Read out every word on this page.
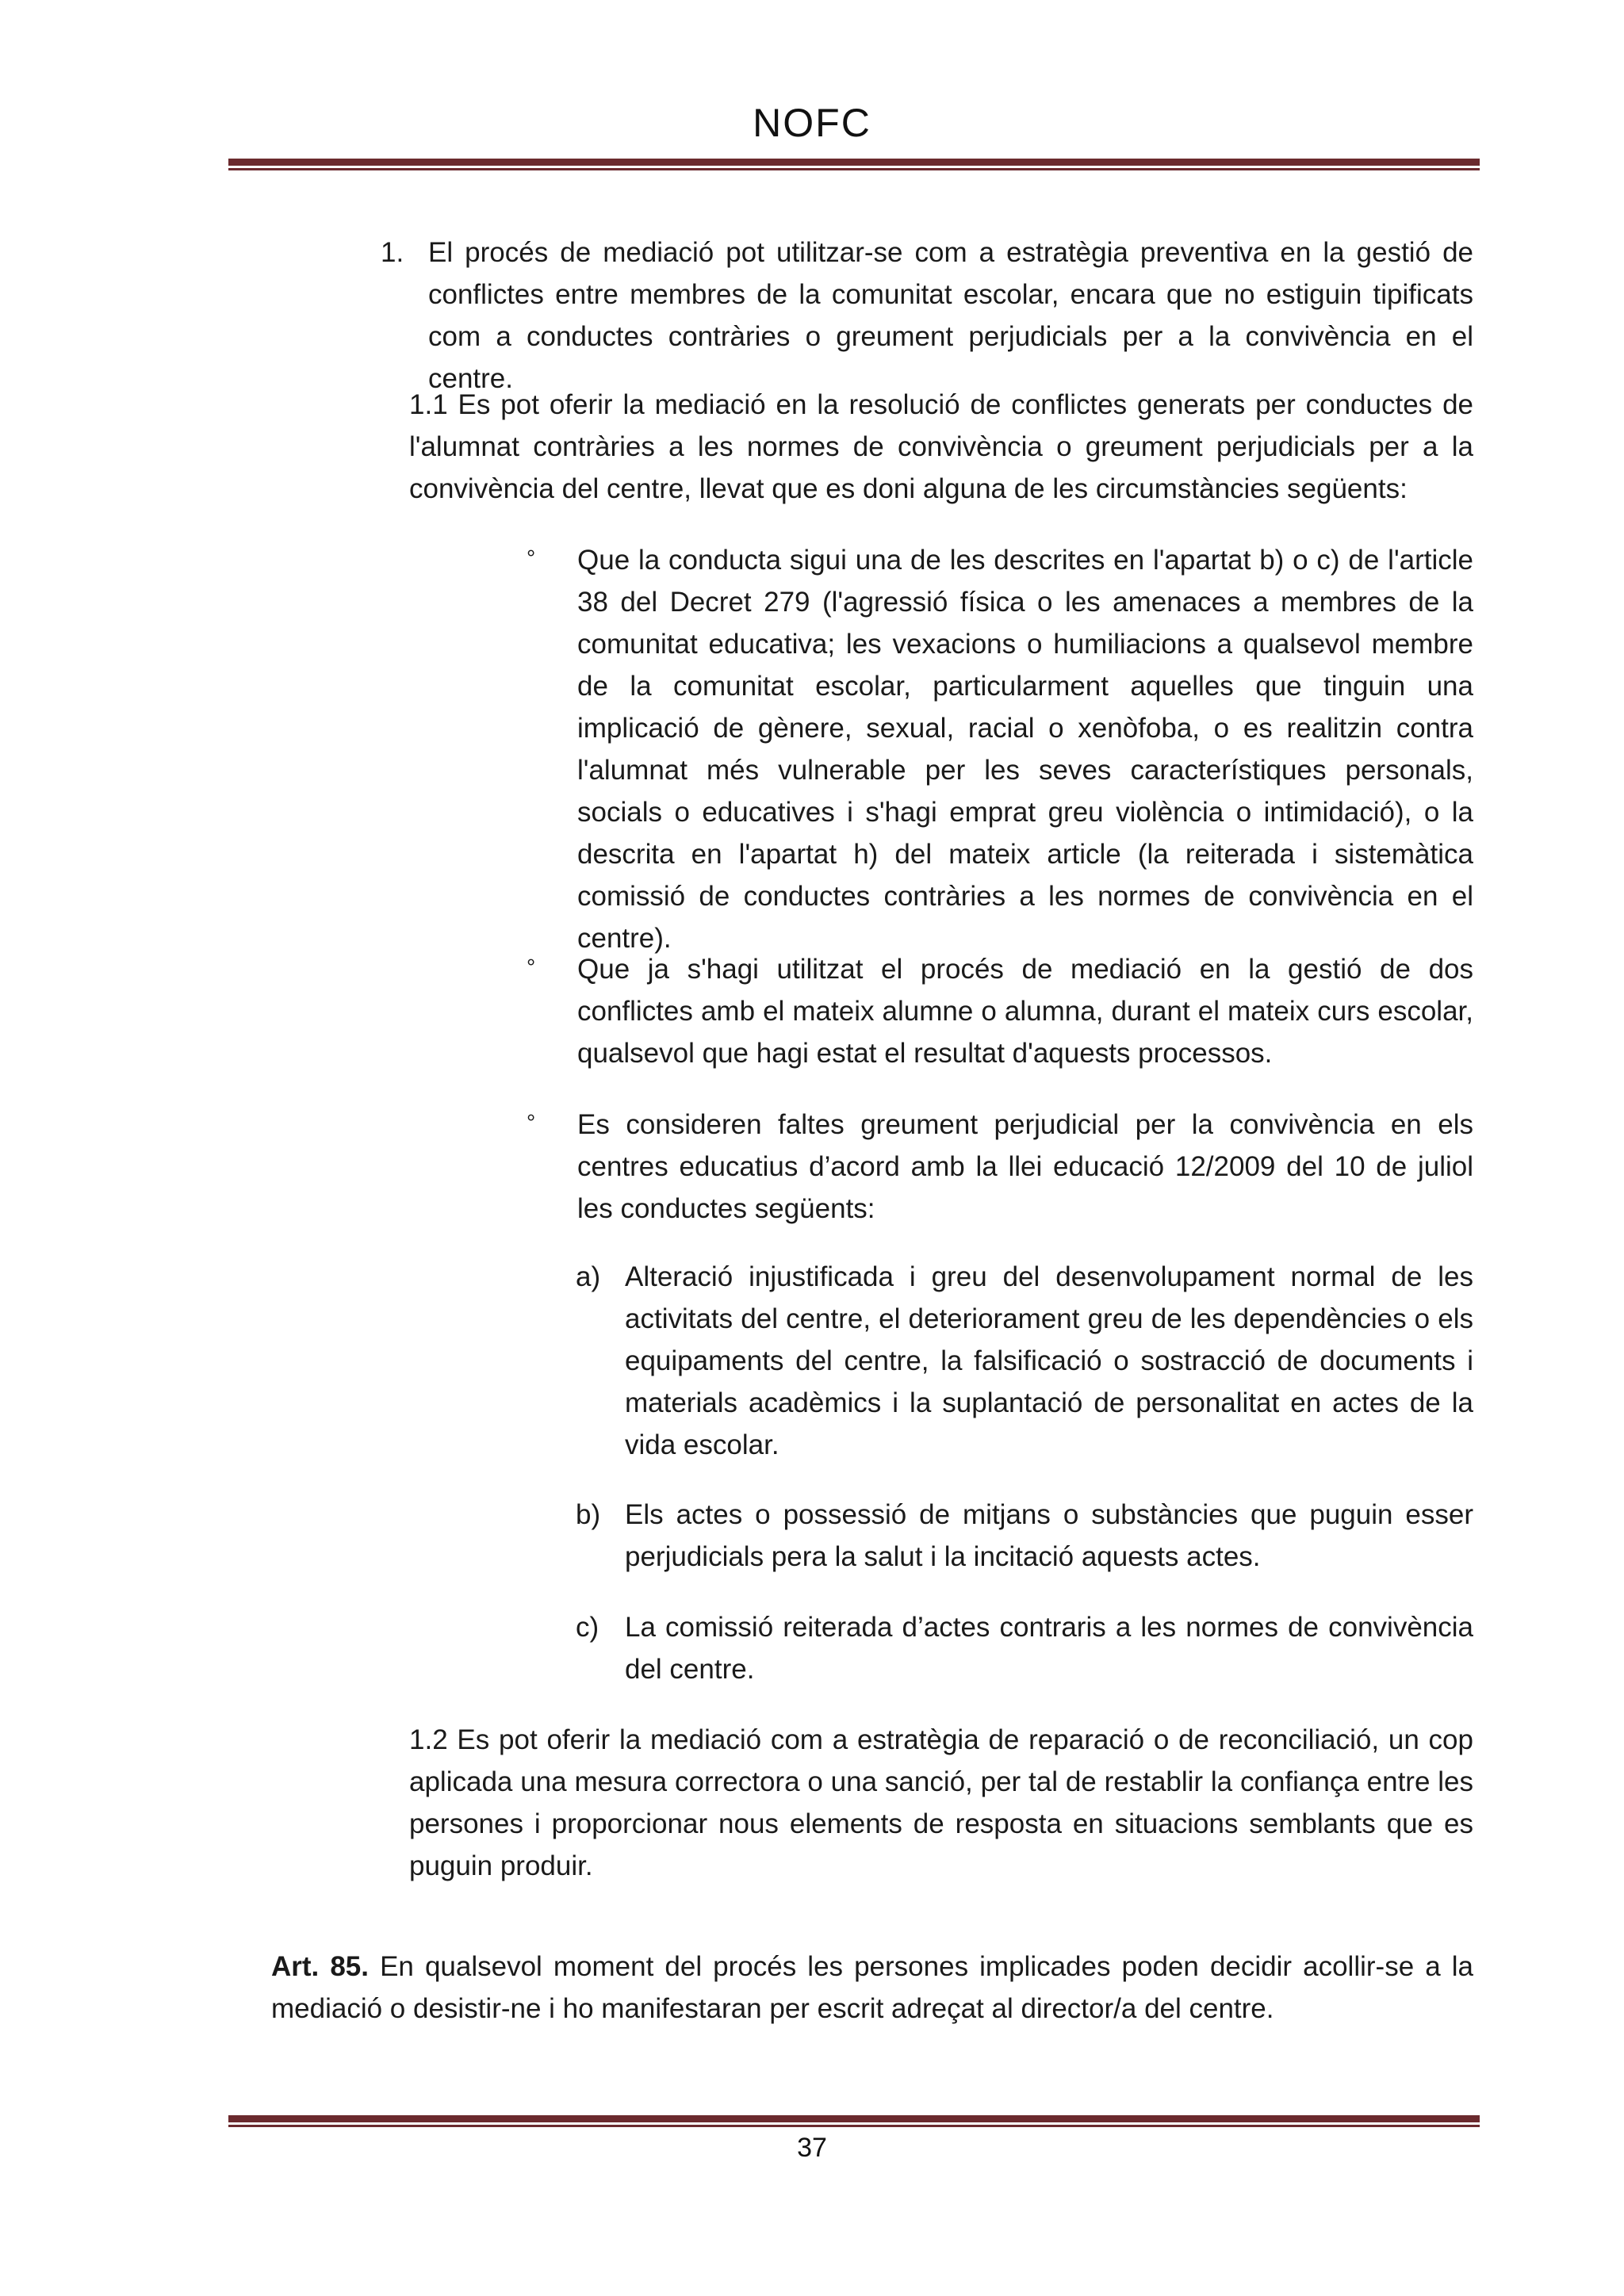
NOFC
1. El procés de mediació pot utilitzar-se com a estratègia preventiva en la gestió de conflictes entre membres de la comunitat escolar, encara que no estiguin tipificats com a conductes contràries o greument perjudicials per a la convivència en el centre.
1.1 Es pot oferir la mediació en la resolució de conflictes generats per conductes de l'alumnat contràries a les normes de convivència o greument perjudicials per a la convivència del centre, llevat que es doni alguna de les circumstàncies següents:
° Que la conducta sigui una de les descrites en l'apartat b) o c) de l'article 38 del Decret 279 (l'agressió física o les amenaces a membres de la comunitat educativa; les vexacions o humiliacions a qualsevol membre de la comunitat escolar, particularment aquelles que tinguin una implicació de gènere, sexual, racial o xenòfoba, o es realitzin contra l'alumnat més vulnerable per les seves característiques personals, socials o educatives i s'hagi emprat greu violència o intimidació), o la descrita en l'apartat h) del mateix article (la reiterada i sistemàtica comissió de conductes contràries a les normes de convivència en el centre).
° Que ja s'hagi utilitzat el procés de mediació en la gestió de dos conflictes amb el mateix alumne o alumna, durant el mateix curs escolar, qualsevol que hagi estat el resultat d'aquests processos.
° Es consideren faltes greument perjudicial per la convivència en els centres educatius d’acord amb la llei educació 12/2009 del 10 de juliol les conductes següents:
a) Alteració injustificada i greu del desenvolupament normal de les activitats del centre, el deteriorament greu de les dependències o els equipaments del centre, la falsificació o sostracció de documents i materials acadèmics i la suplantació de personalitat en actes de la vida escolar.
b) Els actes o possessió de mitjans o substàncies que puguin esser perjudicials pera la salut i la incitació aquests actes.
c) La comissió reiterada d’actes contraris a les normes de convivència del centre.
1.2 Es pot oferir la mediació com a estratègia de reparació o de reconciliació, un cop aplicada una mesura correctora o una sanció, per tal de restablir la confiança entre les persones i proporcionar nous elements de resposta en situacions semblants que es puguin produir.
Art. 85. En qualsevol moment del procés les persones implicades poden decidir acollir-se a la mediació o desistir-ne i ho manifestaran per escrit adreçat al director/a del centre.
37
